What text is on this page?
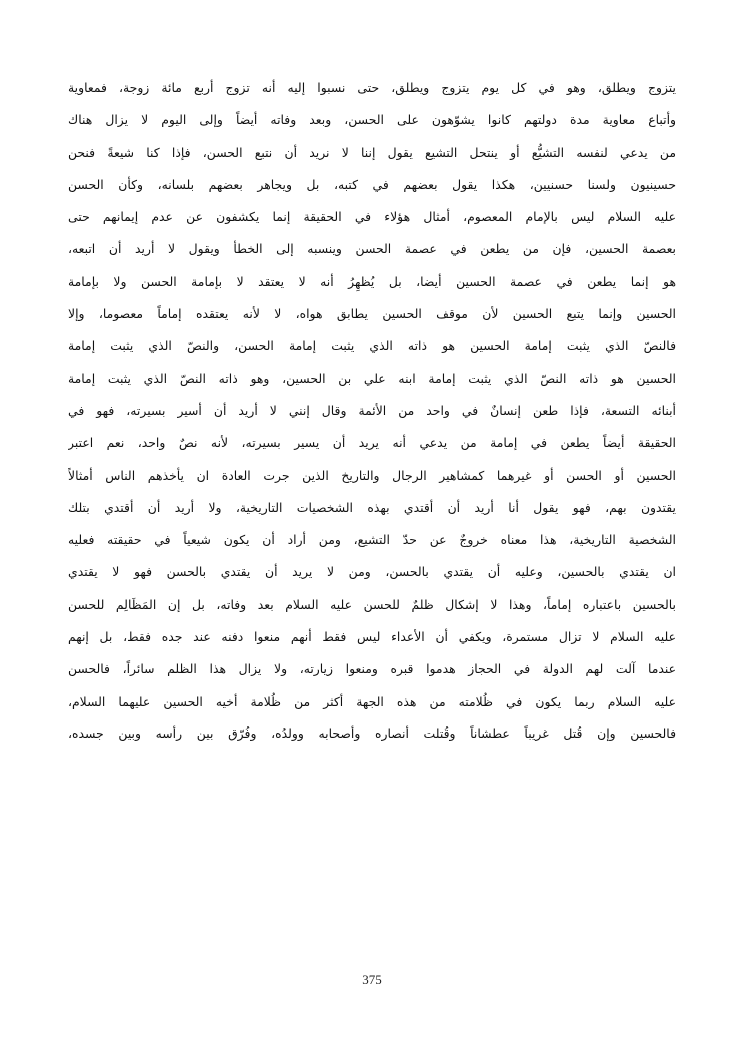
يتزوج ويطلق، وهو في كل يوم يتزوج ويطلق، حتى نسبوا إليه أنه تزوج أربع مائة زوجة، فمعاوية
وأتباع معاوية مدة دولتهم كانوا يشوّهون على الحسن، وبعد وفاته أيضاً وإلى اليوم لا يزال هناك
من يدعي لنفسه التشيُّع أو ينتحل التشيع يقول إننا لا نريد أن نتبع الحسن، فإذا كنا شيعةً فنحن
حسينيون ولسنا حسنيين، هكذا يقول بعضهم في كتبه، بل ويجاهر بعضهم بلسانه، وكأن الحسن
عليه السلام ليس بالإمام المعصوم، أمثال هؤلاء في الحقيقة إنما يكشفون عن عدم إيمانهم حتى
بعصمة الحسين، فإن من يطعن في عصمة الحسن وينسبه إلى الخطأ ويقول لا أريد أن اتبعه،
هو إنما يطعن في عصمة الحسين أيضا، بل يُظهِرُ أنه لا يعتقد لا بإمامة الحسن ولا بإمامة
الحسين وإنما يتبع الحسين لأن موقف الحسين يطابق هواه، لا لأنه يعتقده إماماً معصوما، وإلا
فالنصّ الذي يثبت إمامة الحسين هو ذاته الذي يثبت إمامة الحسن، والنصّ الذي يثبت إمامة
الحسين هو ذاته النصّ الذي يثبت إمامة ابنه علي بن الحسين، وهو ذاته النصّ الذي يثبت إمامة
أبنائه التسعة، فإذا طعن إنسانٌ في واحد من الأئمة وقال إنني لا أريد أن أسير بسيرته، فهو في
الحقيقة أيضاً يطعن في إمامة من يدعي أنه يريد أن يسير بسيرته، لأنه نصٌ واحد، نعم اعتبر
الحسين أو الحسن أو غيرهما كمشاهير الرجال والتاريخ الذين جرت العادة ان يأخذهم الناس أمثالاً
يقتدون بهم، فهو يقول أنا أريد أن أقتدي بهذه الشخصيات التاريخية، ولا أريد أن أقتدي بتلك
الشخصية التاريخية، هذا معناه خروجٌ عن حدّ التشيع، ومن أراد أن يكون شيعياً في حقيقته فعليه
ان يقتدي بالحسين، وعليه أن يقتدي بالحسن، ومن لا يريد أن يقتدي بالحسن فهو لا يقتدي
بالحسين باعتباره إماماً، وهذا لا إشكال ظلمٌ للحسن عليه السلام بعد وفاته، بل إن المَظَالِم للحسن
عليه السلام لا تزال مستمرة، ويكفي أن الأعداء ليس فقط أنهم منعوا دفنه عند جده فقط، بل إنهم
عندما آلت لهم الدولة في الحجاز هدموا قبره ومنعوا زيارته، ولا يزال هذا الظلم سائراً، فالحسن
عليه السلام ربما يكون في ظُلامته من هذه الجهة أكثر من ظُلامة أخيه الحسين عليهما السلام،
فالحسين وإن قُتل غريباً عطشاناً وقُتلت أنصاره وأصحابه وولدُه، وفُرّق بين رأسه وبين جسده،
375
